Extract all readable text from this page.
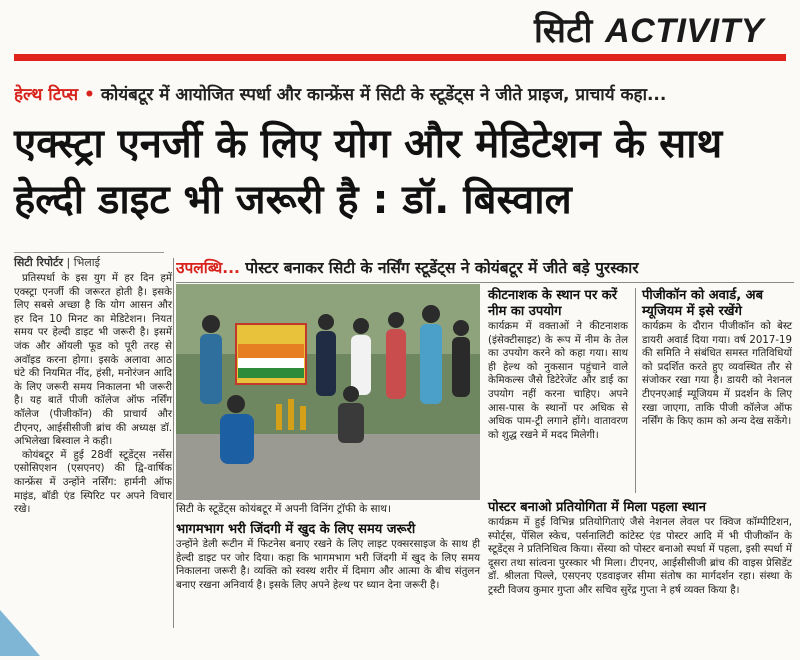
सिटी ACTIVITY
हेल्थ टिप्स • कोयंबटूर में आयोजित स्पर्धा और कान्फ्रेंस में सिटी के स्टूडेंट्स ने जीते प्राइज, प्राचार्य कहा...
एक्स्ट्रा एनर्जी के लिए योग और मेडिटेशन के साथ हेल्दी डाइट भी जरूरी है : डॉ. बिस्वाल
सिटी रिपोर्टर | भिलाई

प्रतिस्पर्धा के इस युग में हर दिन हमें एक्स्ट्रा एनर्जी की जरूरत होती है। इसके लिए सबसे अच्छा है कि योग आसन और हर दिन 10 मिनट का मेडिटेशन। नियत समय पर हेल्दी डाइट भी जरूरी है। इसमें जंक और ऑयली फूड को पूरी तरह से अवॉइड करना होगा। इसके अलावा आठ घंटे की नियमित नींद, हंसी, मनोरंजन आदि के लिए जरूरी समय निकालना भी जरूरी है। यह बातें पीजी कॉलेज ऑफ नर्सिंग कॉलेज (पीजीकॉन) की प्राचार्य और टीएनए, आईसीसीजी ब्रांच की अध्यक्ष डॉ. अभिलेखा बिस्वाल ने कही।

कोयंबटूर में हुई 28वीं स्टूडेंट्स नर्सेस एसोसिएशन (एसएनए) की द्वि-वार्षिक कान्फ्रेंस में उन्होंने नर्सिंग: हार्मनी ऑफ माइंड, बॉडी एंड स्पिरिट पर अपने विचार रखे।

उपलब्धि... पोस्टर बनाकर सिटी के नर्सिंग स्टूडेंट्स ने कोयंबटूर में जीते बड़े पुरस्कार
सिटी के स्टूडेंट्स कोयंबटूर में अपनी विनिंग ट्रॉफी के साथ।
कीटनाशक के स्थान पर करें नीम का उपयोग
कार्यक्रम में वक्ताओं ने कीटनाशक (इंसेक्टीसाइट) के रूप में नीम के तेल का उपयोग करने को कहा गया। साथ ही हेल्थ को नुकसान पहुंचाने वाले केमिकल्स जैसे डिटेरेजेंट और डाई का उपयोग नहीं करना चाहिए। अपने आस-पास के स्थानों पर अधिक से अधिक पाम-ट्री लगाने होंगे। वातावरण को शुद्ध रखने में मदद मिलेगी।
पीजीकॉन को अवार्ड, अब म्यूजियम में इसे रखेंगे
कार्यक्रम के दौरान पीजीकॉन को बेस्ट डायरी अवार्ड दिया गया। वर्ष 2017-19 की समिति ने संबंधित समस्त गतिविधियों को प्रदर्शित करते हुए व्यवस्थित तौर से संजोकर रखा गया है। डायरी को नेशनल टीएनएआई म्यूजियम में प्रदर्शन के लिए रखा जाएगा, ताकि पीजी कॉलेज ऑफ नर्सिंग के किए काम को अन्य देख सकेंगे।
भागमभाग भरी जिंदगी में खुद के लिए समय जरूरी
उन्होंने डेली रूटीन में फिटनेस बनाए रखने के लिए लाइट एक्सरसाइज के साथ ही हेल्दी डाइट पर जोर दिया। कहा कि भागमभाग भरी जिंदगी में खुद के लिए समय निकालना जरूरी है। व्यक्ति को स्वस्थ शरीर में दिमाग और आत्मा के बीच संतुलन बनाए रखना अनिवार्य है। इसके लिए अपने हेल्थ पर ध्यान देना जरूरी है।
पोस्टर बनाओ प्रतियोगिता में मिला पहला स्थान
कार्यक्रम में हुई विभिन्न प्रतियोगिताएं जैसे नेशनल लेवल पर क्विज कॉम्पीटिशन, स्पोर्ट्स, पेंसिल स्केच, पर्सनालिटी कांटेस्ट एंड पोस्टर आदि में भी पीजीकॉन के स्टूडेंट्स ने प्रतिनिधित्व किया। सेंस्या को पोस्टर बनाओ स्पर्धा में पहला, इसी स्पर्धा में दूसरा तथा सांत्वना पुरस्कार भी मिला। टीएनए, आईसीसीजी ब्रांच की वाइस प्रेसिडेंट डॉ. श्रीलता पिल्ले, एसएनए एडवाइजर सीमा संतोष का मार्गदर्शन रहा। संस्था के ट्रस्टी विजय कुमार गुप्ता और सचिव सुरेंद्र गुप्ता ने हर्ष व्यक्त किया है।
